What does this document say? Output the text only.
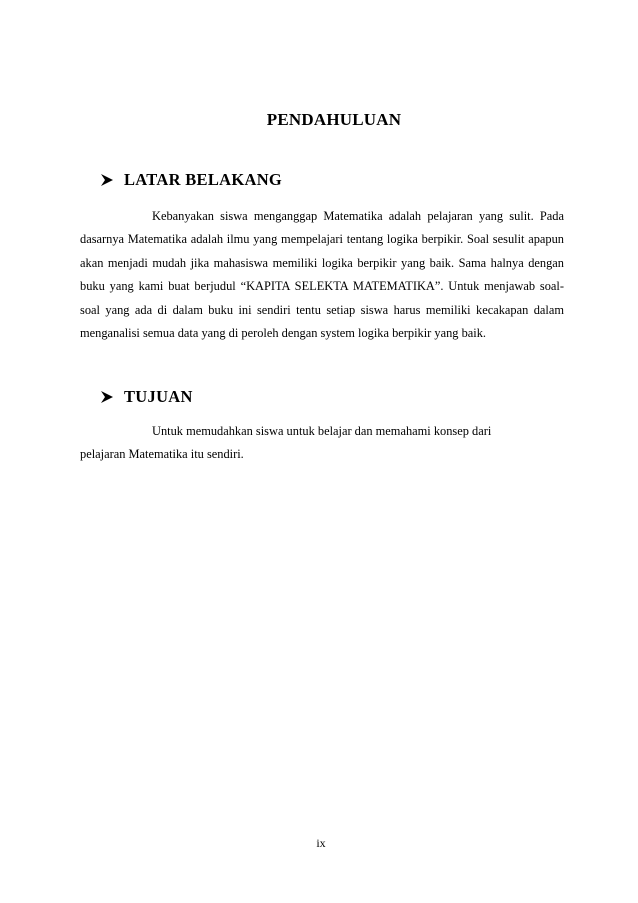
PENDAHULUAN
LATAR BELAKANG

Kebanyakan siswa menganggap Matematika adalah pelajaran yang sulit. Pada dasarnya Matematika adalah ilmu yang mempelajari tentang logika berpikir. Soal sesulit apapun akan menjadi mudah jika mahasiswa memiliki logika berpikir yang baik. Sama halnya dengan buku yang kami buat berjudul “KAPITA SELEKTA MATEMATIKA”. Untuk menjawab soal-soal yang ada di dalam buku ini sendiri tentu setiap siswa harus memiliki kecakapan dalam menganalisi semua data yang di peroleh dengan system logika berpikir yang baik.

TUJUAN

Untuk memudahkan siswa untuk belajar dan memahami konsep dari pelajaran Matematika itu sendiri.

ix
